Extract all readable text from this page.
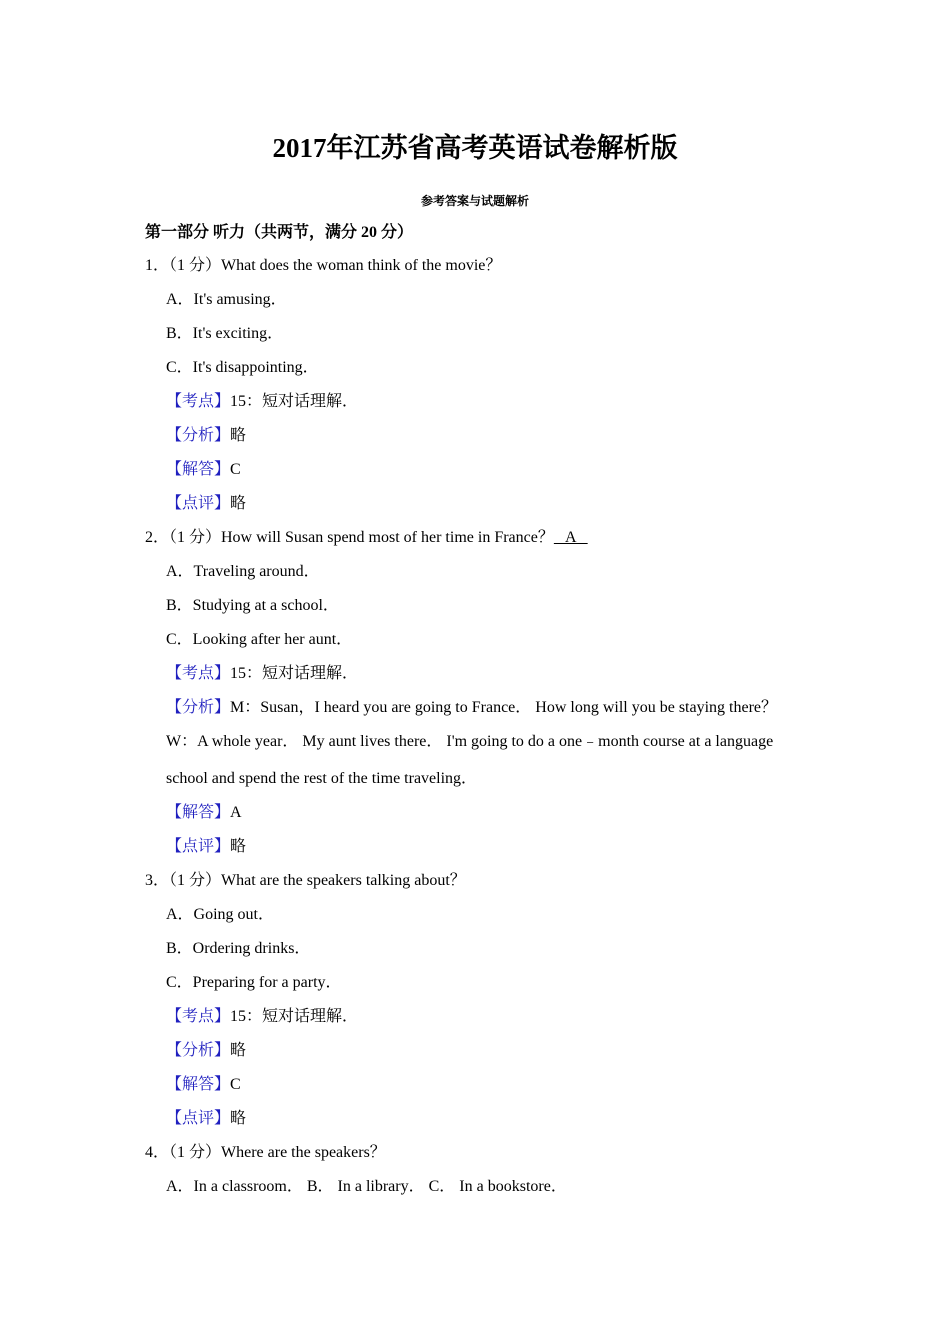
2017年江苏省高考英语试卷解析版
参考答案与试题解析
第一部分 听力（共两节，满分 20 分）
1．（1 分）What does the woman think of the movie？
A．It's amusing．
B．It's exciting．
C．It's disappointing．
【考点】15：短对话理解．
【分析】略
【解答】C
【点评】略
2．（1 分）How will Susan spend most of her time in France？   A
A．Traveling around．
B．Studying at a school．
C．Looking after her aunt．
【考点】15：短对话理解．
【分析】M：Susan，I heard you are going to France． How long will you be staying there？
W：A whole year． My aunt lives there． I'm going to do a one﹣month course at a language
school and spend the rest of the time traveling．
【解答】A
【点评】略
3．（1 分）What are the speakers talking about？
A．Going out．
B．Ordering drinks．
C．Preparing for a party．
【考点】15：短对话理解．
【分析】略
【解答】C
【点评】略
4．（1 分）Where are the speakers？
A．In a classroom． B． In a library． C． In a bookstore．
